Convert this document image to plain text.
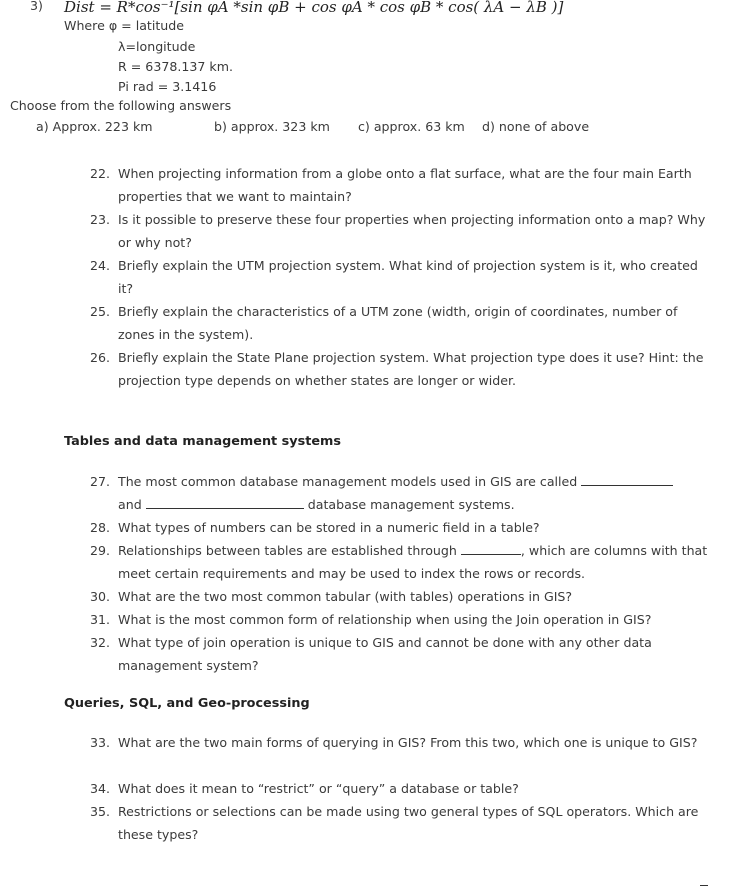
3) Dist = R*cos⁻¹[sin φA *sin φB + cos φA * cos φB * cos( λA − λB )]
Where φ = latitude
λ=longitude
R = 6378.137 km.
Pi rad = 3.1416
Choose from the following answers
a) Approx. 223 km	b) approx. 323 km c) approx. 63 km d) none of above
22. When projecting information from a globe onto a flat surface, what are the four main Earth properties that we want to maintain?
23. Is it possible to preserve these four properties when projecting information onto a map? Why or why not?
24. Briefly explain the UTM projection system. What kind of projection system is it, who created it?
25. Briefly explain the characteristics of a UTM zone (width, origin of coordinates, number of zones in the system).
26. Briefly explain the State Plane projection system. What projection type does it use? Hint: the projection type depends on whether states are longer or wider.
Tables and data management systems
27. The most common database management models used in GIS are called
and	database management systems.
28. What types of numbers can be stored in a numeric field in a table?
29. Relationships between tables are established through	, which are columns with that meet certain requirements and may be used to index the rows or records.
30. What are the two most common tabular (with tables) operations in GIS?
31. What is the most common form of relationship when using the Join operation in GIS?
32. What type of join operation is unique to GIS and cannot be done with any other data management system?
Queries, SQL, and Geo-processing
33. What are the two main forms of querying in GIS? From this two, which one is unique to GIS?
34. What does it mean to “restrict” or “query” a database or table?
35. Restrictions or selections can be made using two general types of SQL operators. Which are these types?
